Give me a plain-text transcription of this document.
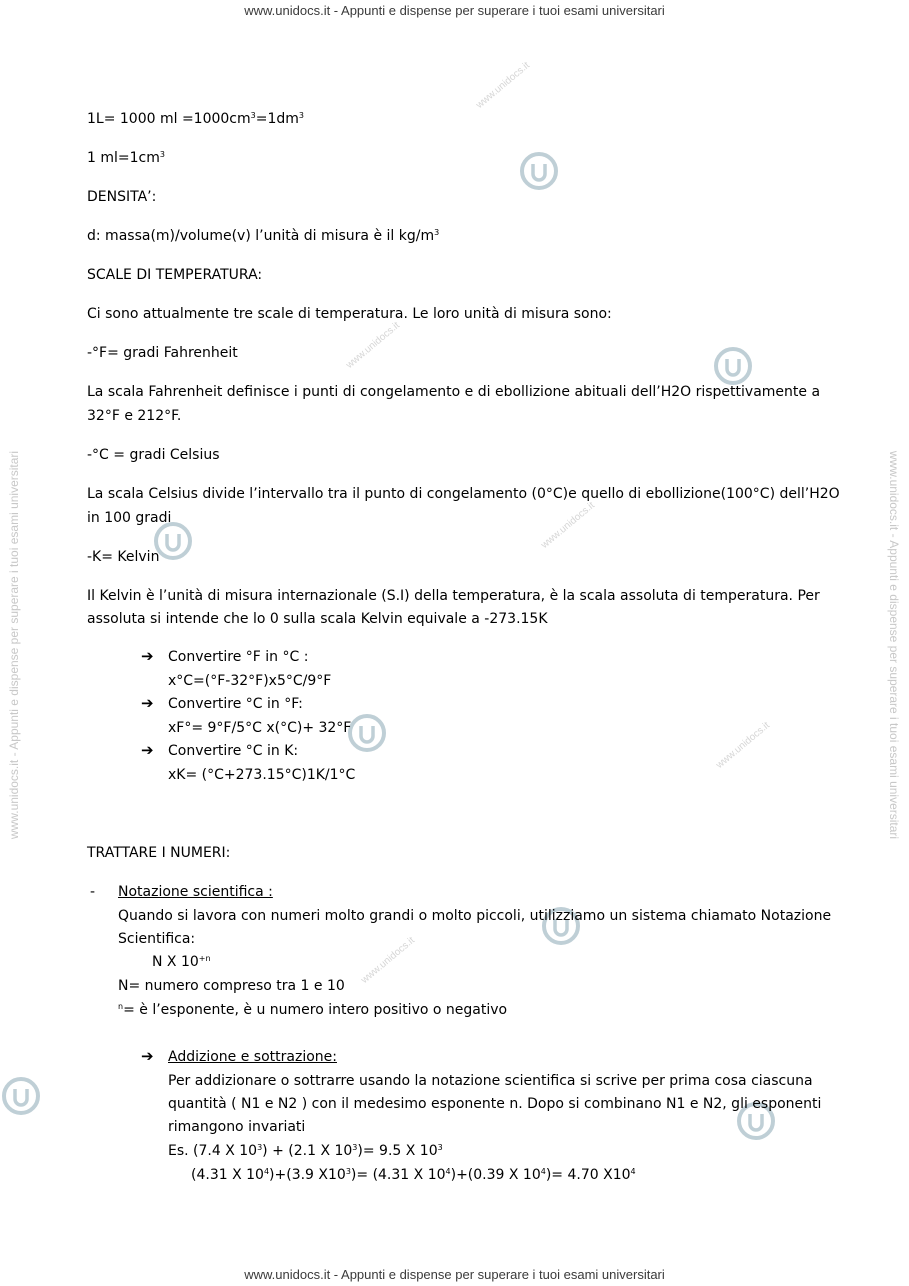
www.unidocs.it - Appunti e dispense per superare i tuoi esami universitari
www.unidocs.it - Appunti e dispense per superare i tuoi esami universitari
www.unidocs.it - Appunti e dispense per superare i tuoi esami universitari	www.unidocs.it - Appunti e dispense per superare i tuoi esami universitari
www.unidocs.it
www.unidocs.it
www.unidocs.it
www.unidocs.it
www.unidocs.it
1L= 1000 ml $=1000cm^3=1dm^3$
1 $ml=1cm^3$
DENSITA’:
d: massa(m)/volume(v) l’unità di misura è il $kg/m^3$
SCALE DI TEMPERATURA:
Ci sono attualmente tre scale di temperatura. Le loro unità di misura sono:
-°F= gradi Fahrenheit
La scala Fahrenheit definisce i punti di congelamento e di ebollizione abituali dell’H2O rispettivamente a
32°F e 212°F.
-°C = gradi Celsius
La scala Celsius divide l’intervallo tra il punto di congelamento (0°C)e quello di ebollizione(100°C) dell’H2O
in 100 gradi
-K= Kelvin
Il Kelvin è l’unità di misura internazionale (S.I) della temperatura, è la scala assoluta di temperatura. Per
assoluta si intende che lo 0 sulla scala Kelvin equivale a -273.15K
➔ Convertire °F in °C :
x°C=(°F-32°F)x5°C/9°F
➔ Convertire °C in °F:
xF°= 9°F/5°C x(°C)+ 32°F
➔ Convertire °C in K:
xK= (°C+273.15°C)1K/1°C
TRATTARE I NUMERI:
- Notazione scientifica :
Quando si lavora con numeri molto grandi o molto piccoli, utilizziamo un sistema chiamato Notazione
Scientifica:
N X $10^{+n}$
N= numero compreso tra 1 e 10
$^n$= è l’esponente, è u numero intero positivo o negativo
➔ Addizione e sottrazione:
Per addizionare o sottrarre usando la notazione scientifica si scrive per prima cosa ciascuna
quantità ( N1 e N2 ) con il medesimo esponente n. Dopo si combinano N1 e N2, gli esponenti
rimangono invariati
Es. (7.4 X $10^3) + (2.1$ X $10^3)= 9.5$ X $10^3$
(4.31 X $10^4)+(3.9$ $X10^3)= (4.31$ X $10^4)+(0.39$ X $10^4)= 4.70$ $X10^4$
